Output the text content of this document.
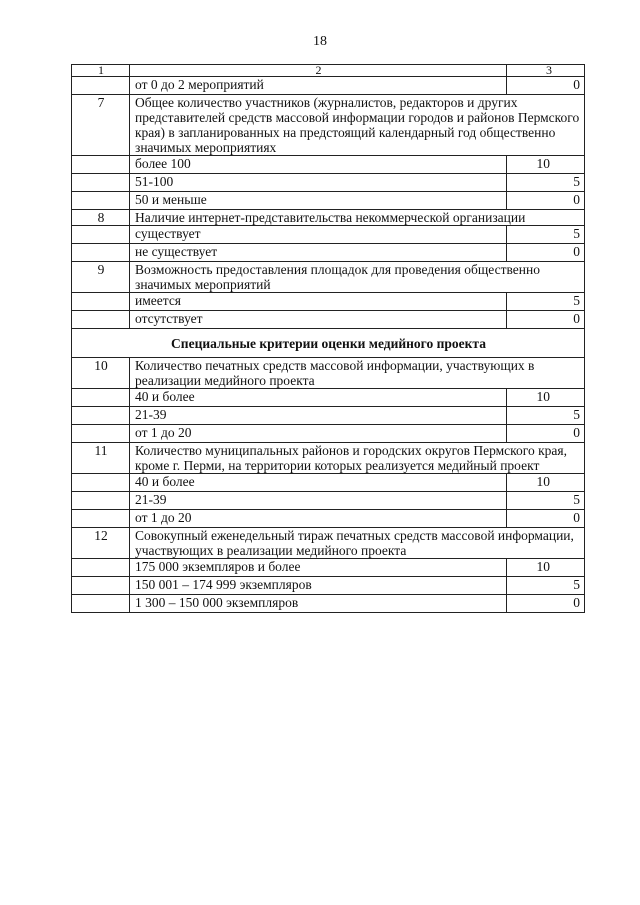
18
1	2	3
	от 0 до 2 мероприятий	0
7	Общее количество участников (журналистов, редакторов и других представителей средств массовой информации городов и районов Пермского края) в запланированных на предстоящий календарный год общественно значимых мероприятиях	
	более 100	10
	51-100	5
	50 и меньше	0
8	Наличие интернет-представительства некоммерческой организации	
	существует	5
	не существует	0
9	Возможность предоставления площадок для проведения общественно значимых мероприятий	
	имеется	5
	отсутствует	0
Специальные критерии оценки медийного проекта		
10	Количество печатных средств массовой информации, участвующих в реализации медийного проекта	
	40 и более	10
	21-39	5
	от 1 до 20	0
11	Количество муниципальных районов и городских округов Пермского края, кроме г. Перми, на территории которых реализуется медийный проект	
	40 и более	10
	21-39	5
	от 1 до 20	0
12	Совокупный еженедельный тираж печатных средств массовой информации, участвующих в реализации медийного проекта	
	175 000 экземпляров и более	10
	150 001 – 174 999 экземпляров	5
	1 300 – 150 000 экземпляров	0
